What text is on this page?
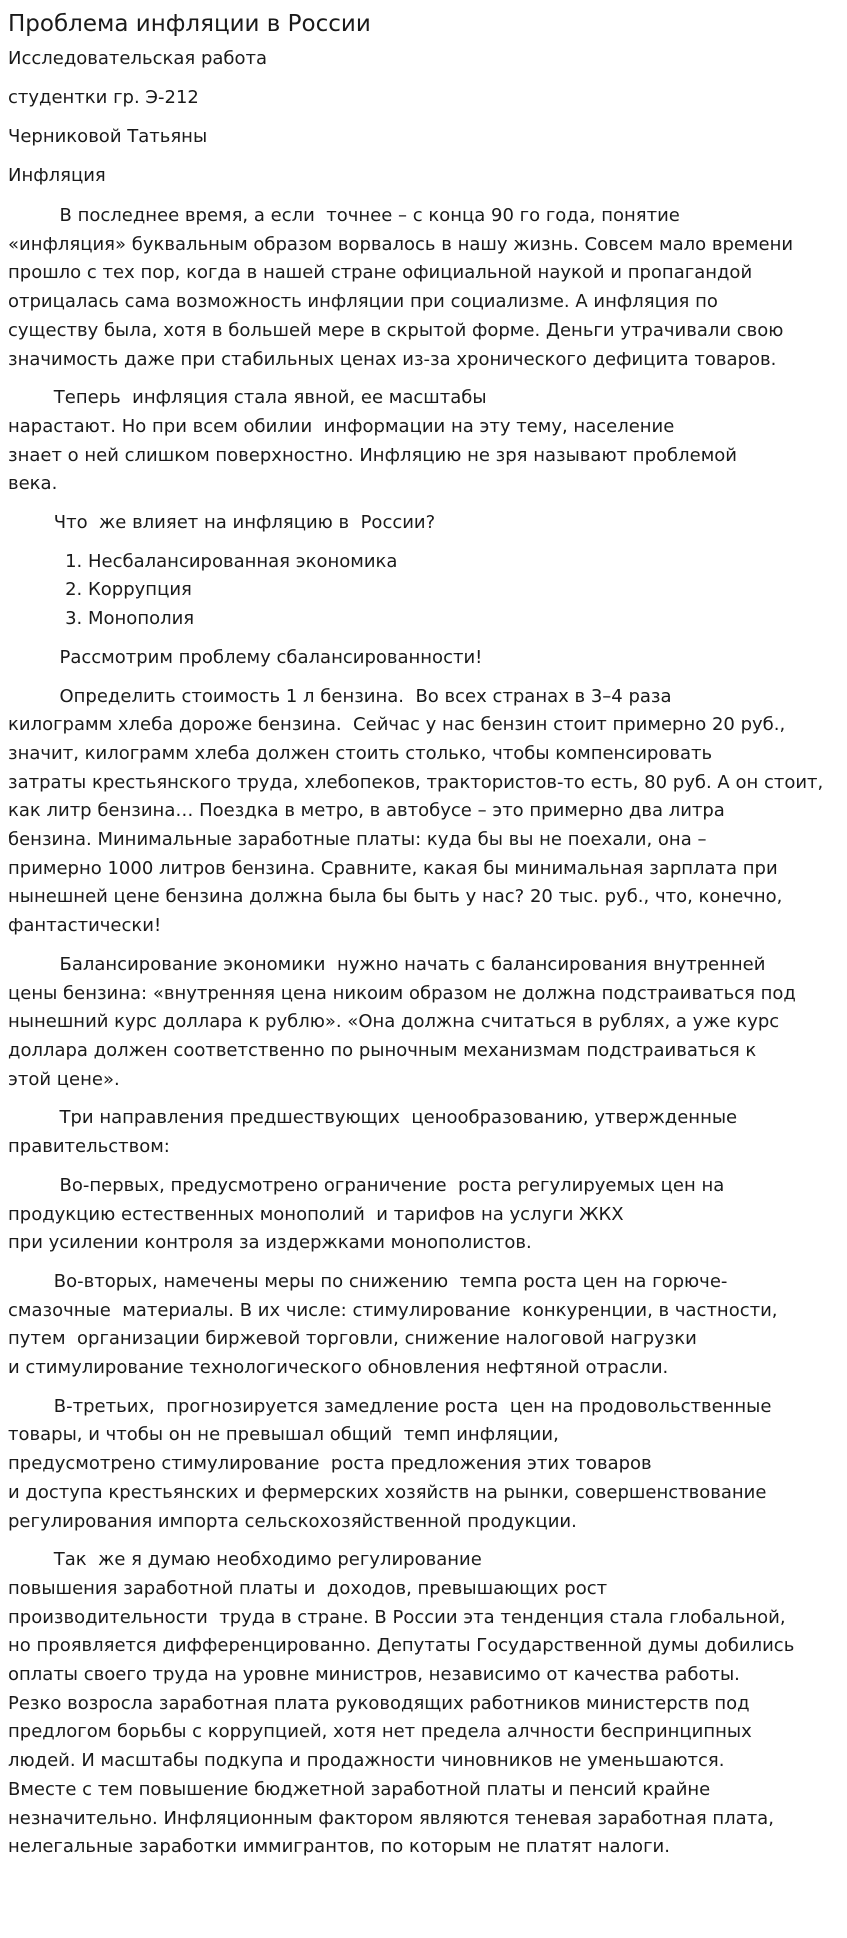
Проблема инфляции в России
Исследовательская работа
студентки гр. Э-212
Черниковой Татьяны
Инфляция

В последнее время, а если  точнее – с конца 90 го года, понятие
«инфляция» буквальным образом ворвалось в нашу жизнь. Совсем мало времени
прошло с тех пор, когда в нашей стране официальной наукой и пропагандой
отрицалась сама возможность инфляции при социализме. А инфляция по
существу была, хотя в большей мере в скрытой форме. Деньги утрачивали свою
значимость даже при стабильных ценах из-за хронического дефицита товаров.

Теперь  инфляция стала явной, ее масштабы
нарастают. Но при всем обилии  информации на эту тему, население
знает о ней слишком поверхностно. Инфляцию не зря называют проблемой
века.

Что  же влияет на инфляцию в  России?

1. Несбалансированная экономика
2. Коррупция
3. Монополия

Рассмотрим проблему сбалансированности!

Определить стоимость 1 л бензина.  Во всех странах в 3–4 раза
килограмм хлеба дороже бензина.  Сейчас у нас бензин стоит примерно 20 руб.,
значит, килограмм хлеба должен стоить столько, чтобы компенсировать
затраты крестьянского труда, хлебопеков, трактористов-то есть, 80 руб. А он стоит,
как литр бензина… Поездка в метро, в автобусе – это примерно два литра
бензина. Минимальные заработные платы: куда бы вы не поехали, она –
примерно 1000 литров бензина. Сравните, какая бы минимальная зарплата при
нынешней цене бензина должна была бы быть у нас? 20 тыс. руб., что, конечно,
фантастически!

Балансирование экономики  нужно начать с балансирования внутренней
цены бензина: «внутренняя цена никоим образом не должна подстраиваться под
нынешний курс доллара к рублю». «Она должна считаться в рублях, а уже курс
доллара должен соответственно по рыночным механизмам подстраиваться к
этой цене».

Три направления предшествующих  ценообразованию, утвержденные
правительством:

Во-первых, предусмотрено ограничение  роста регулируемых цен на
продукцию естественных монополий  и тарифов на услуги ЖКХ
при усилении контроля за издержками монополистов.

Во-вторых, намечены меры по снижению  темпа роста цен на горюче-
смазочные  материалы. В их числе: стимулирование  конкуренции, в частности,
путем  организации биржевой торговли, снижение налоговой нагрузки
и стимулирование технологического обновления нефтяной отрасли.

В-третьих,  прогнозируется замедление роста  цен на продовольственные
товары, и чтобы он не превышал общий  темп инфляции,
предусмотрено стимулирование  роста предложения этих товаров
и доступа крестьянских и фермерских хозяйств на рынки, совершенствование
регулирования импорта сельскохозяйственной продукции.

Так  же я думаю необходимо регулирование
повышения заработной платы и  доходов, превышающих рост
производительности  труда в стране. В России эта тенденция стала глобальной,
но проявляется дифференцированно. Депутаты Государственной думы добились
оплаты своего труда на уровне министров, независимо от качества работы.
Резко возросла заработная плата руководящих работников министерств под
предлогом борьбы с коррупцией, хотя нет предела алчности беспринципных
людей. И масштабы подкупа и продажности чиновников не уменьшаются.
Вместе с тем повышение бюджетной заработной платы и пенсий крайне
незначительно. Инфляционным фактором являются теневая заработная плата,
нелегальные заработки иммигрантов, по которым не платят налоги.
